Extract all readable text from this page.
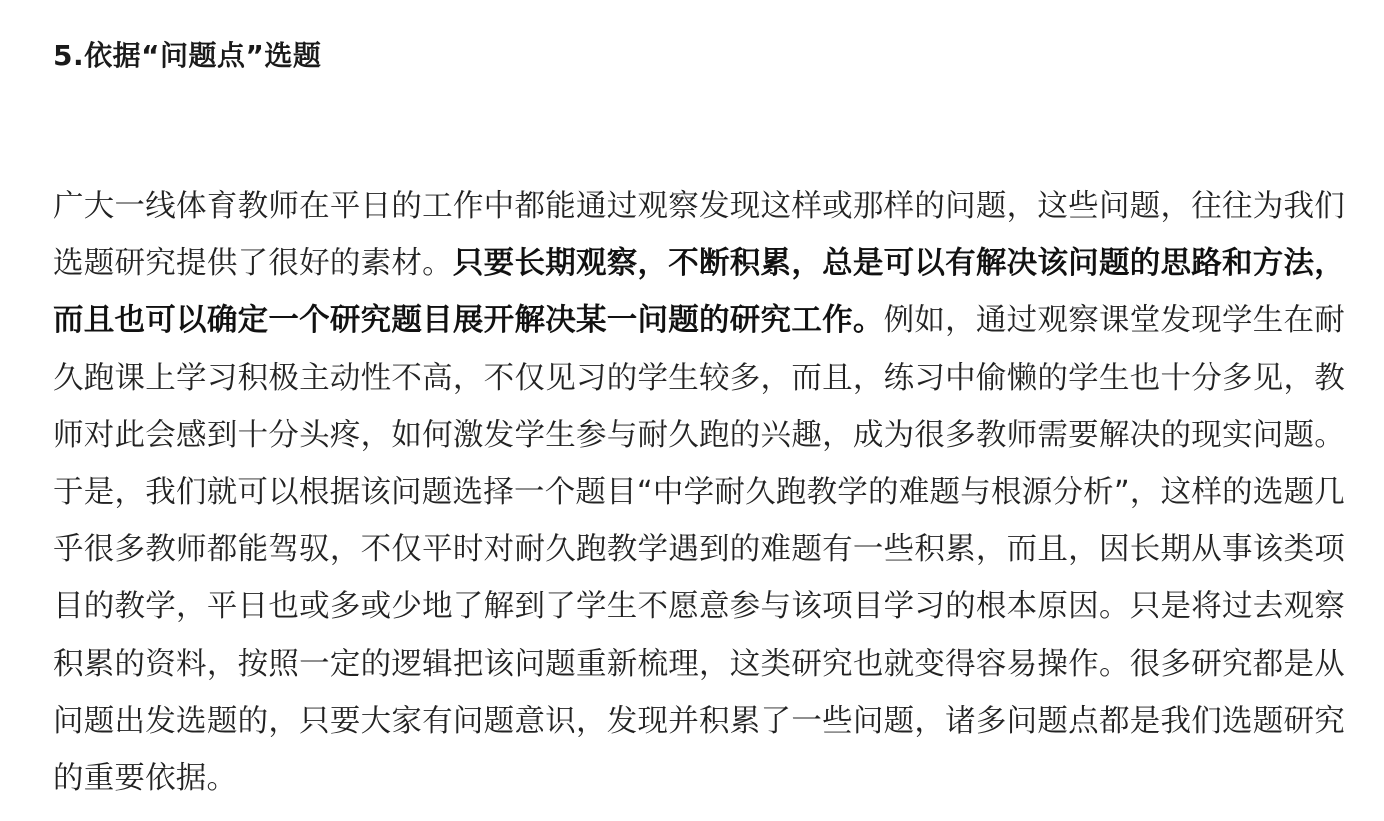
5.依据“问题点”选题

广大一线体育教师在平日的工作中都能通过观察发现这样或那样的问题，这些问题，往往为我们选题研究提供了很好的素材。只要长期观察，不断积累，总是可以有解决该问题的思路和方法，而且也可以确定一个研究题目展开解决某一问题的研究工作。例如，通过观察课堂发现学生在耐久跑课上学习积极主动性不高，不仅见习的学生较多，而且，练习中偷懒的学生也十分多见，教师对此会感到十分头疼，如何激发学生参与耐久跑的兴趣，成为很多教师需要解决的现实问题。于是，我们就可以根据该问题选择一个题目“中学耐久跑教学的难题与根源分析”，这样的选题几乎很多教师都能驾驭，不仅平时对耐久跑教学遇到的难题有一些积累，而且，因长期从事该类项目的教学，平日也或多或少地了解到了学生不愿意参与该项目学习的根本原因。只是将过去观察积累的资料，按照一定的逻辑把该问题重新梳理，这类研究也就变得容易操作。很多研究都是从问题出发选题的，只要大家有问题意识，发现并积累了一些问题，诸多问题点都是我们选题研究的重要依据。
